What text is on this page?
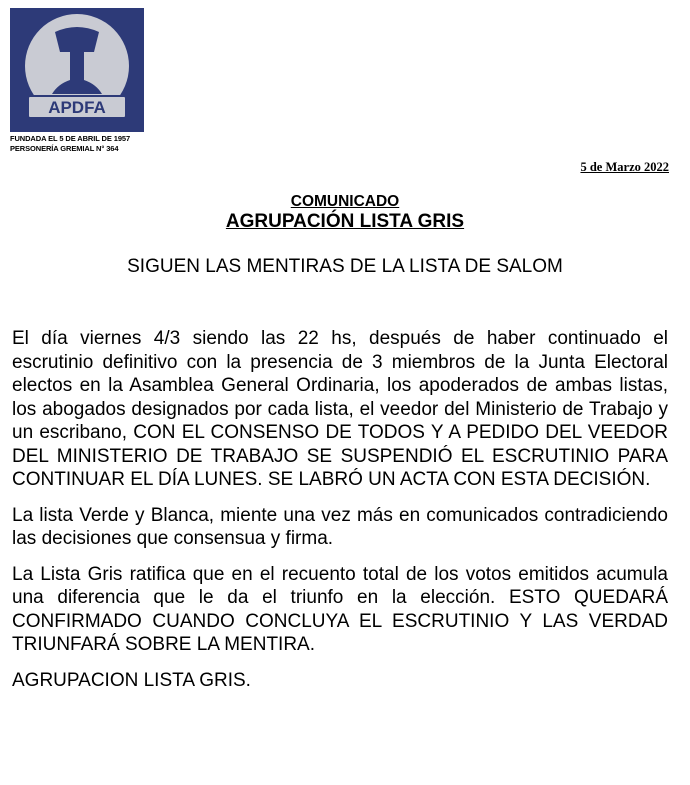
APDFA
FUNDADA EL 5 DE ABRIL DE 1957
PERSONERÍA GREMIAL N° 364
5 de Marzo 2022
COMUNICADO
AGRUPACIÓN LISTA GRIS
SIGUEN LAS MENTIRAS DE LA LISTA DE SALOM

El día viernes 4/3 siendo las 22 hs, después de haber continuado el escrutinio definitivo con la presencia de 3 miembros de la Junta Electoral electos en la Asamblea General Ordinaria, los apoderados de ambas listas, los abogados designados por cada lista, el veedor del Ministerio de Trabajo y un escribano, CON EL CONSENSO DE TODOS Y A PEDIDO DEL VEEDOR DEL MINISTERIO DE TRABAJO SE SUSPENDIÓ EL ESCRUTINIO PARA CONTINUAR EL DÍA LUNES. SE LABRÓ UN ACTA CON ESTA DECISIÓN.

La lista Verde y Blanca, miente una vez más en comunicados contradiciendo las decisiones que consensua y firma.

La Lista Gris ratifica que en el recuento total de los votos emitidos acumula una diferencia que le da el triunfo en la elección. ESTO QUEDARÁ CONFIRMADO CUANDO CONCLUYA EL ESCRUTINIO Y LAS VERDAD TRIUNFARÁ SOBRE LA MENTIRA.

AGRUPACION LISTA GRIS.
